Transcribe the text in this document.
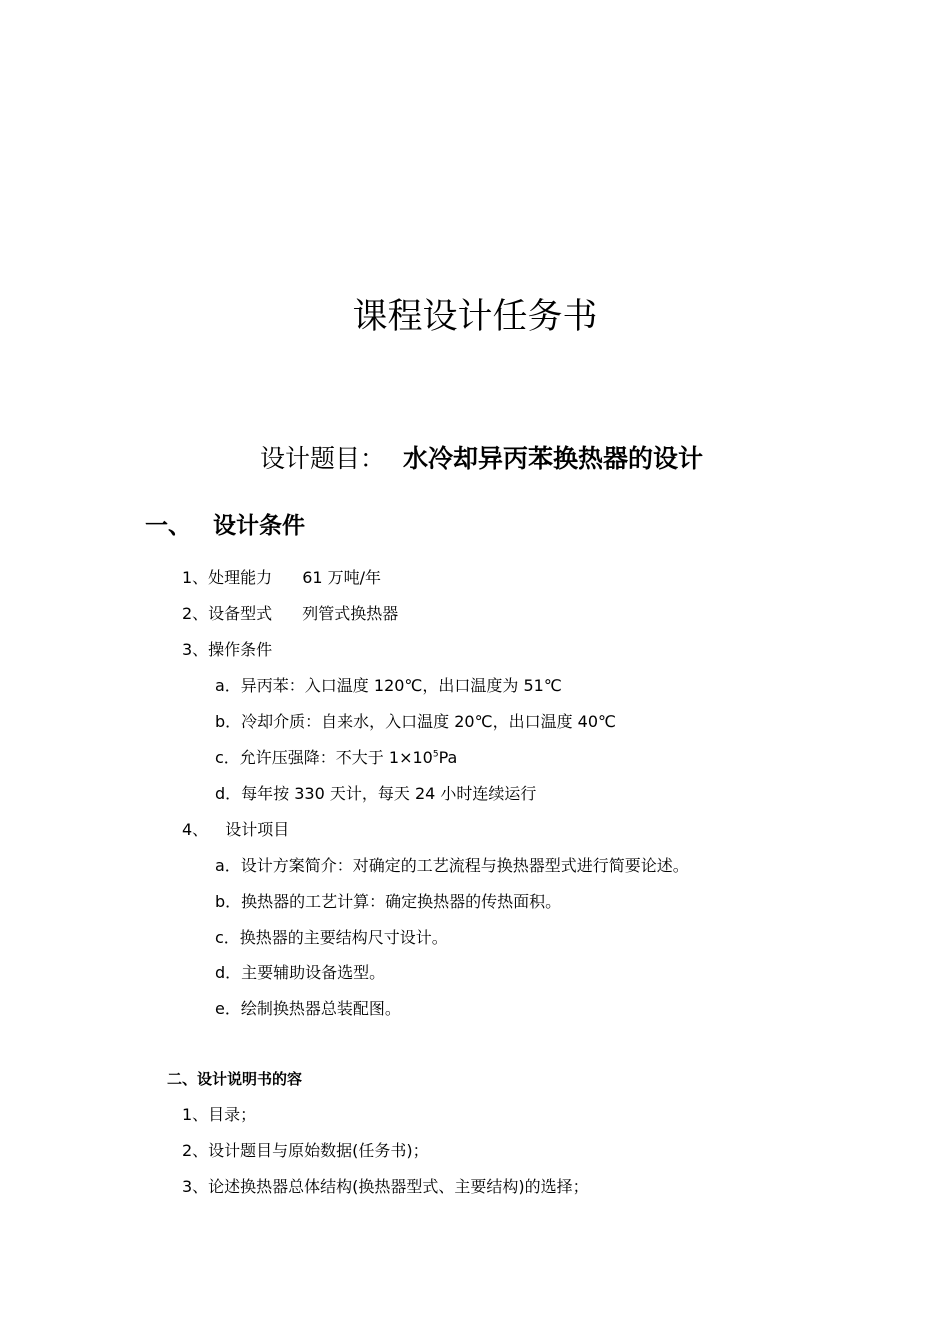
课程设计任务书
设计题目： 水冷却异丙苯换热器的设计
一、 设计条件
1、处理能力 61 万吨/年
2、设备型式 列管式换热器
3、操作条件
a．异丙苯：入口温度 120℃，出口温度为 51℃
b．冷却介质：自来水，入口温度 20℃，出口温度 40℃
c．允许压强降：不大于 $1\times 10^5Pa$
d．每年按 330 天计，每天 24 小时连续运行
4、 设计项目
a．设计方案简介：对确定的工艺流程与换热器型式进行简要论述。
b．换热器的工艺计算：确定换热器的传热面积。
c．换热器的主要结构尺寸设计。
d．主要辅助设备选型。
e．绘制换热器总装配图。
二、设计说明书的容
1、目录；
2、设计题目与原始数据(任务书)；
3、论述换热器总体结构(换热器型式、主要结构)的选择；
